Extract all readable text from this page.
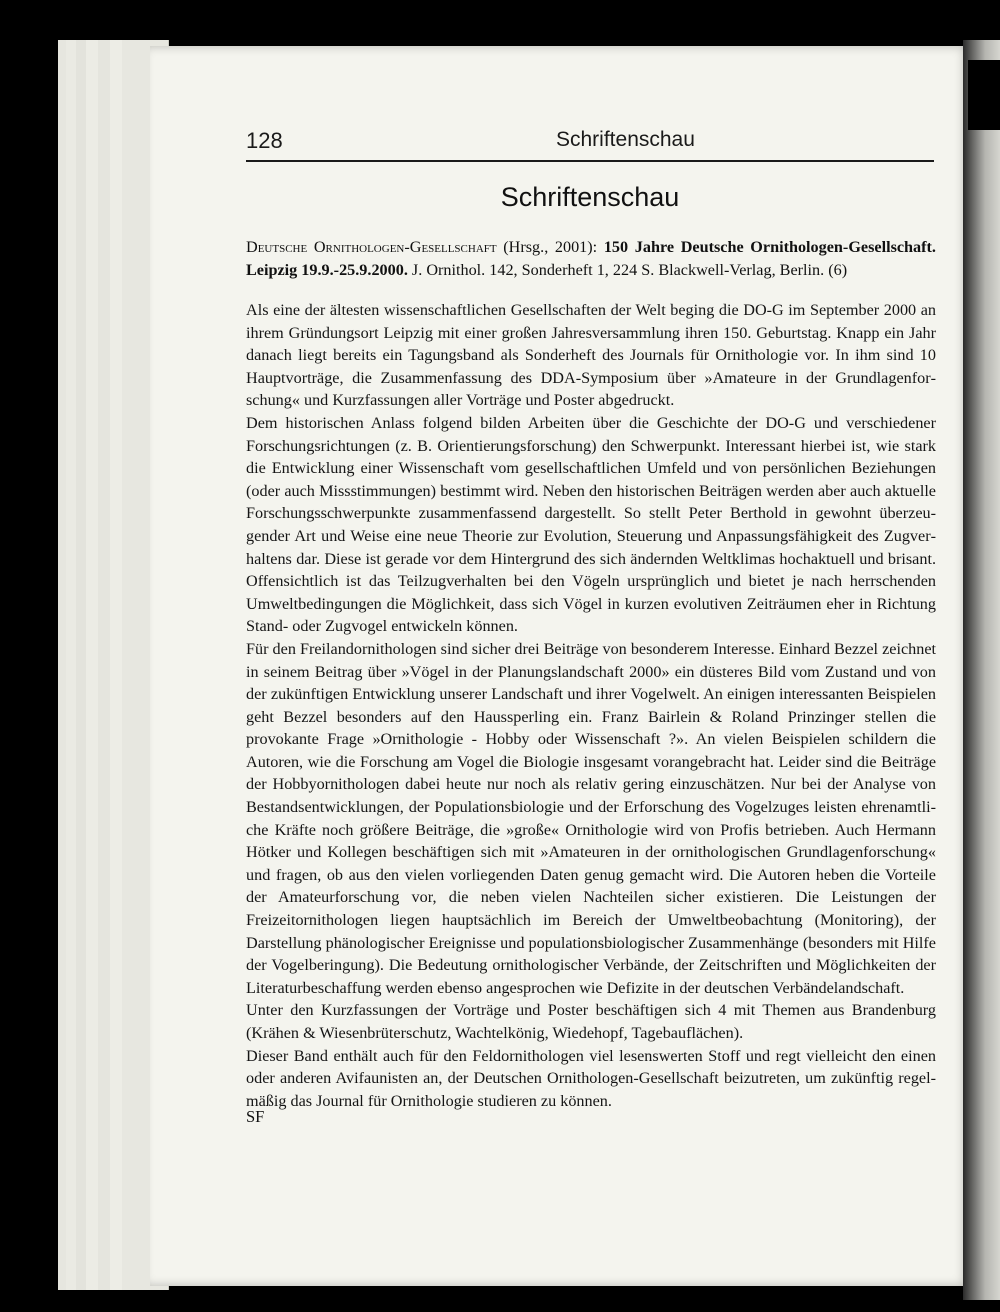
128	Schriftenschau
Schriftenschau
Deutsche Ornithologen-Gesellschaft (Hrsg., 2001): 150 Jahre Deutsche Ornithologen-Gesellschaft. Leipzig 19.9.-25.9.2000. J. Ornithol. 142, Sonderheft 1, 224 S. Blackwell-Verlag, Berlin. (6)

Als eine der ältesten wissenschaftlichen Gesellschaften der Welt beging die DO-G im September 2000 an ihrem Gründungsort Leipzig mit einer großen Jahresversammlung ihren 150. Geburtstag. Knapp ein Jahr danach liegt bereits ein Tagungsband als Sonderheft des Journals für Ornithologie vor. In ihm sind 10 Hauptvorträge, die Zusammenfassung des DDA-Symposium über »Amateure in der Grundlagenforschung« und Kurzfassungen aller Vorträge und Poster abgedruckt.

Dem historischen Anlass folgend bilden Arbeiten über die Geschichte der DO-G und verschiedener Forschungsrichtungen (z. B. Orientierungsforschung) den Schwerpunkt. Interessant hierbei ist, wie stark die Entwicklung einer Wissenschaft vom gesellschaftlichen Umfeld und von persönlichen Beziehungen (oder auch Missstimmungen) bestimmt wird. Neben den historischen Beiträgen werden aber auch aktuelle Forschungsschwerpunkte zusammenfassend dargestellt. So stellt Peter Berthold in gewohnt überzeugender Art und Weise eine neue Theorie zur Evolution, Steuerung und Anpassungsfähigkeit des Zugverhaltens dar. Diese ist gerade vor dem Hintergrund des sich ändernden Weltklimas hochaktuell und brisant. Offensichtlich ist das Teilzugverhalten bei den Vögeln ursprünglich und bietet je nach herrschenden Umweltbedingungen die Möglichkeit, dass sich Vögel in kurzen evolutiven Zeiträumen eher in Richtung Stand- oder Zugvogel entwickeln können.

Für den Freilandornithologen sind sicher drei Beiträge von besonderem Interesse. Einhard Bezzel zeichnet in seinem Beitrag über »Vögel in der Planungslandschaft 2000» ein düsteres Bild vom Zustand und von der zukünftigen Entwicklung unserer Landschaft und ihrer Vogelwelt. An einigen interessanten Beispielen geht Bezzel besonders auf den Haussperling ein. Franz Bairlein & Roland Prinzinger stellen die provokante Frage »Ornithologie - Hobby oder Wissenschaft ?». An vielen Beispielen schildern die Autoren, wie die Forschung am Vogel die Biologie insgesamt vorangebracht hat. Leider sind die Beiträge der Hobbyornithologen dabei heute nur noch als relativ gering einzuschätzen. Nur bei der Analyse von Bestandsentwicklungen, der Populationsbiologie und der Erforschung des Vogelzuges leisten ehrenamtliche Kräfte noch größere Beiträge, die »große« Ornithologie wird von Profis betrieben. Auch Hermann Hötker und Kollegen beschäftigen sich mit »Amateuren in der ornithologischen Grundlagenforschung« und fragen, ob aus den vielen vorliegenden Daten genug gemacht wird. Die Autoren heben die Vorteile der Amateurforschung vor, die neben vielen Nachteilen sicher existieren. Die Leistungen der Freizeitornithologen liegen hauptsächlich im Bereich der Umweltbeobachtung (Monitoring), der Darstellung phänologischer Ereignisse und populationsbiologischer Zusammenhänge (besonders mit Hilfe der Vogelberingung). Die Bedeutung ornithologischer Verbände, der Zeitschriften und Möglichkeiten der Literaturbeschaffung werden ebenso angesprochen wie Defizite in der deutschen Verbändelandschaft.

Unter den Kurzfassungen der Vorträge und Poster beschäftigen sich 4 mit Themen aus Brandenburg (Krähen & Wiesenbrüterschutz, Wachtelkönig, Wiedehopf, Tagebauflächen).

Dieser Band enthält auch für den Feldornithologen viel lesenswerten Stoff und regt vielleicht den einen oder anderen Avifaunisten an, der Deutschen Ornithologen-Gesellschaft beizutreten, um zukünftig regelmäßig das Journal für Ornithologie studieren zu können.

SF
